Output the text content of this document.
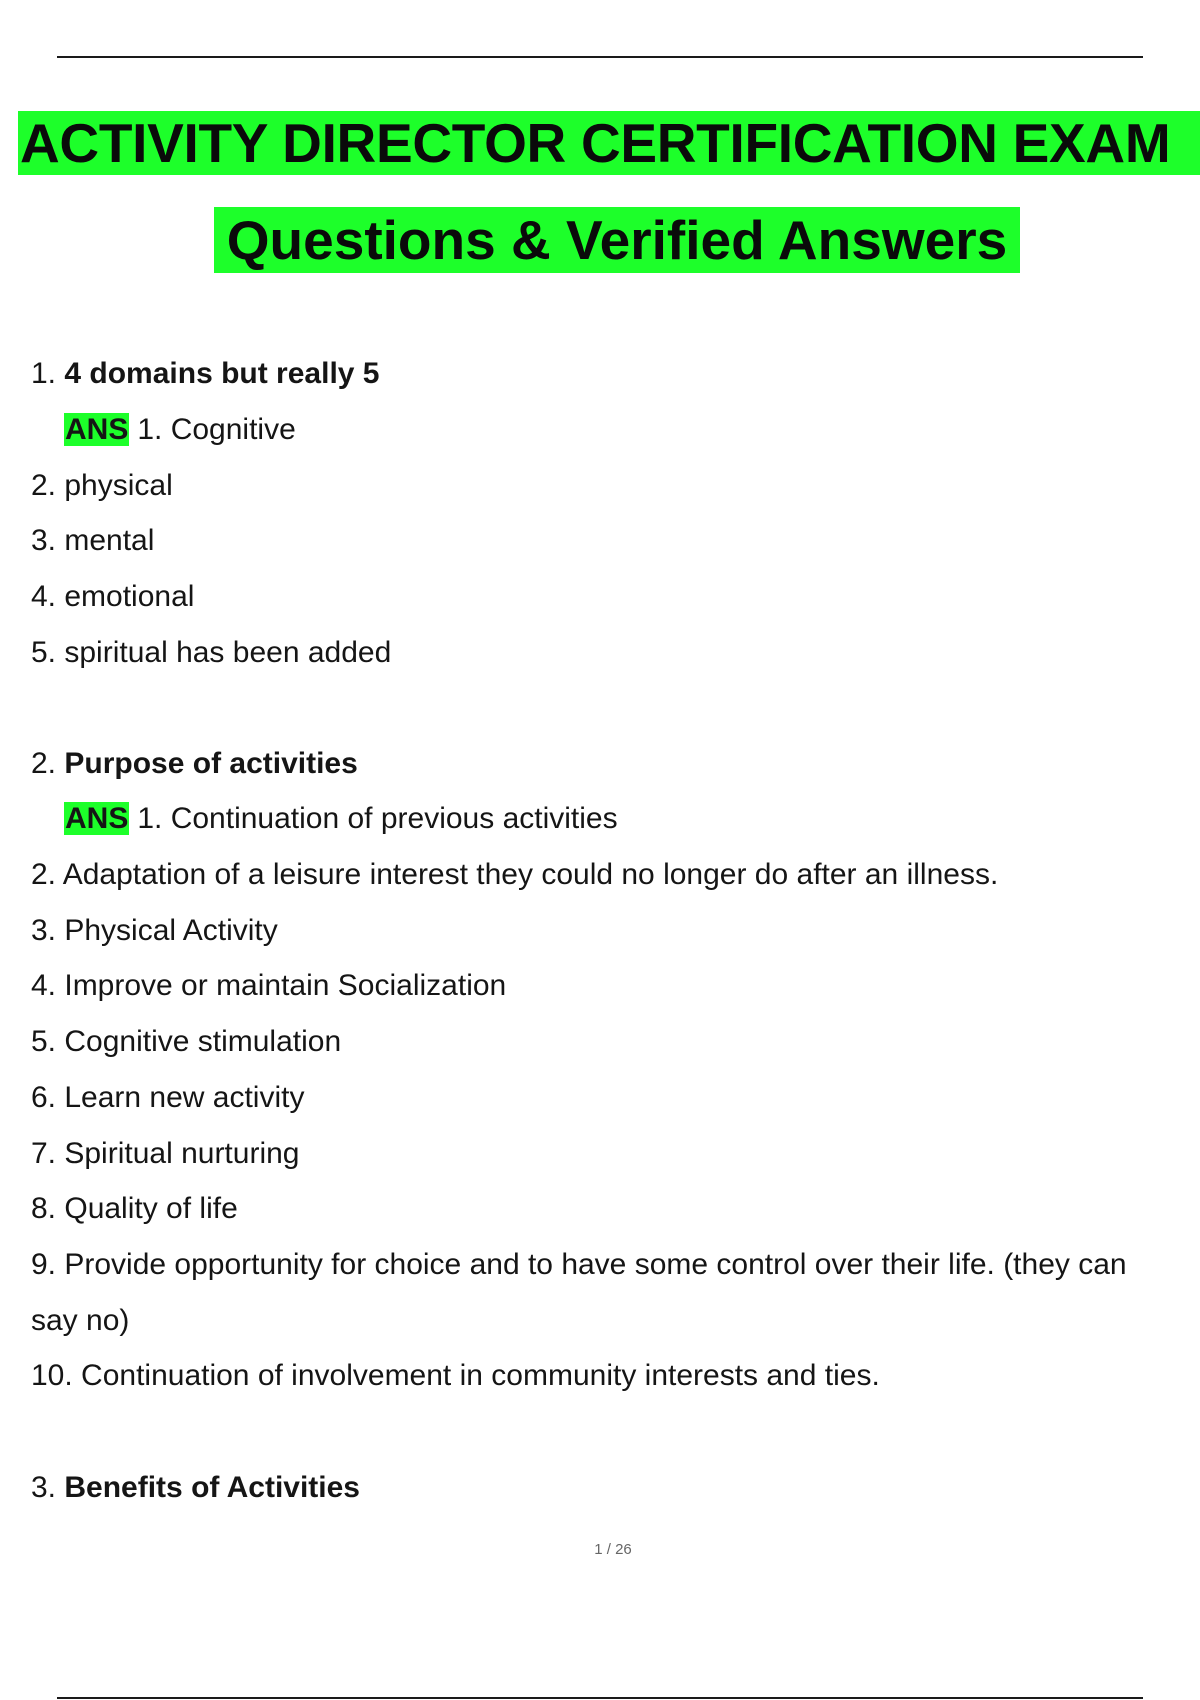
ACTIVITY DIRECTOR CERTIFICATION EXAM
Questions & Verified Answers
1. 4 domains but really 5
ANS 1. Cognitive
2. physical
3. mental
4. emotional
5. spiritual has been added
2. Purpose of activities
ANS 1. Continuation of previous activities
2. Adaptation of a leisure interest they could no longer do after an illness.
3. Physical Activity
4. Improve or maintain Socialization
5. Cognitive stimulation
6. Learn new activity
7. Spiritual nurturing
8. Quality of life
9. Provide opportunity for choice and to have some control over their life. (they can
say no)
10. Continuation of involvement in community interests and ties.
3. Benefits of Activities
1 / 26
